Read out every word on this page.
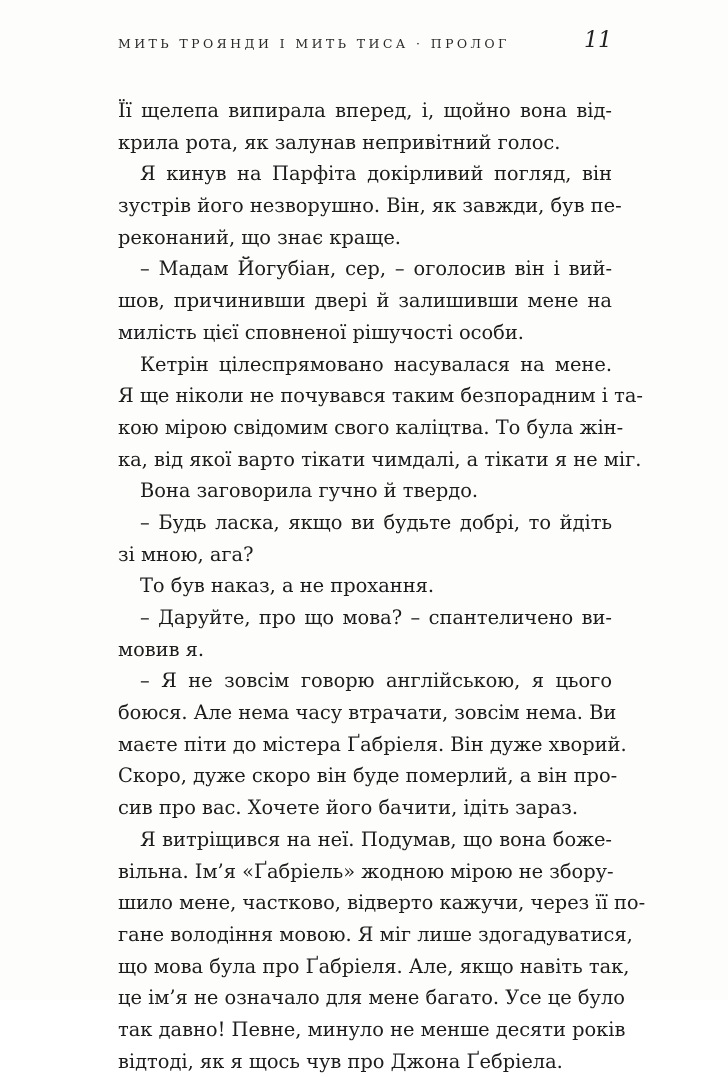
МИТЬ ТРОЯНДИ І МИТЬ ТИСА · ПРОЛОГ	11
Її щелепа випирала вперед, і, щойно вона від-
крила рота, як залунав непривітний голос.
Я кинув на Парфіта докірливий погляд, він
зустрів його незворушно. Він, як завжди, був пе-
реконаний, що знає краще.
– Мадам Йогубіан, сер, – оголосив він і вий-
шов, причинивши двері й залишивши мене на
милість цієї сповненої рішучості особи.
Кетрін цілеспрямовано насувалася на мене.
Я ще ніколи не почувався таким безпорадним і та-
кою мірою свідомим свого каліцтва. То була жін-
ка, від якої варто тікати чимдалі, а тікати я не міг.
Вона заговорила гучно й твердо.
– Будь ласка, якщо ви будьте добрі, то йдіть
зі мною, ага?
То був наказ, а не прохання.
– Даруйте, про що мова? – спантеличено ви-
мовив я.
– Я не зовсім говорю англійською, я цього
боюся. Але нема часу втрачати, зовсім нема. Ви
маєте піти до містера Ґабріеля. Він дуже хворий.
Скоро, дуже скоро він буде померлий, а він про-
сив про вас. Хочете його бачити, ідіть зараз.
Я витріщився на неї. Подумав, що вона боже-
вільна. Ім’я «Ґабріель» жодною мірою не збору-
шило мене, частково, відверто кажучи, через її по-
гане володіння мовою. Я міг лише здогадуватися,
що мова була про Ґабріеля. Але, якщо навіть так,
це ім’я не означало для мене багато. Усе це було
так давно! Певне, минуло не менше десяти років
відтоді, як я щось чув про Джона Ґебріела.
